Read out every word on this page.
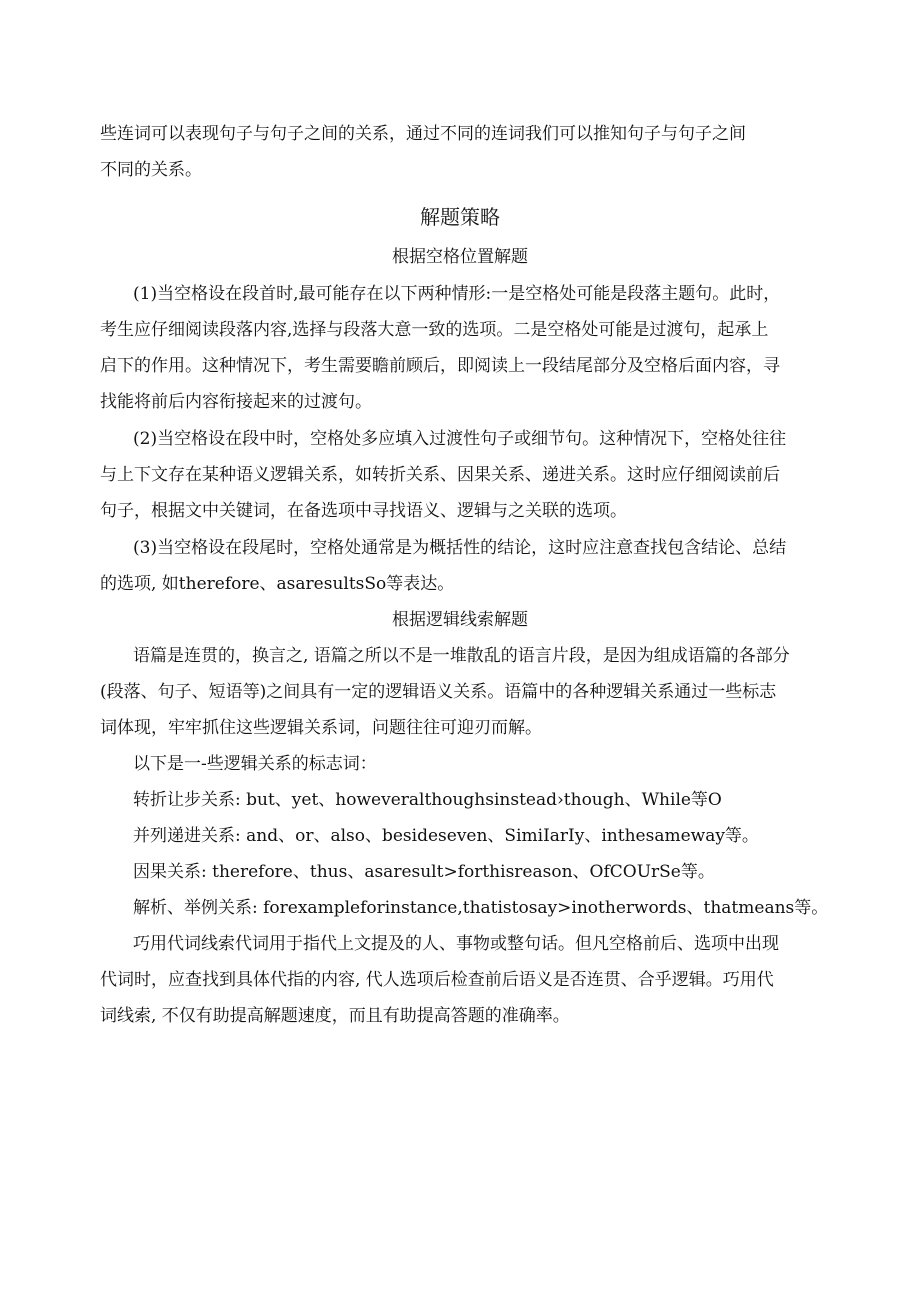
些连词可以表现句子与句子之间的关系，通过不同的连词我们可以推知句子与句子之间
不同的关系。
解题策略
根据空格位置解题
(1)当空格设在段首时,最可能存在以下两种情形:一是空格处可能是段落主题句。此时，
考生应仔细阅读段落内容,选择与段落大意一致的选项。二是空格处可能是过渡句，起承上
启下的作用。这种情况下，考生需要瞻前顾后，即阅读上一段结尾部分及空格后面内容，寻
找能将前后内容衔接起来的过渡句。
(2)当空格设在段中时，空格处多应填入过渡性句子或细节句。这种情况下，空格处往往
与上下文存在某种语义逻辑关系，如转折关系、因果关系、递进关系。这时应仔细阅读前后
句子，根据文中关键词，在备选项中寻找语义、逻辑与之关联的选项。
(3)当空格设在段尾时，空格处通常是为概括性的结论，这时应注意查找包含结论、总结
的选项, 如therefore、asaresultsSo等表达。
根据逻辑线索解题
语篇是连贯的，换言之, 语篇之所以不是一堆散乱的语言片段，是因为组成语篇的各部分
(段落、句子、短语等)之间具有一定的逻辑语义关系。语篇中的各种逻辑关系通过一些标志
词体现，牢牢抓住这些逻辑关系词，问题往往可迎刃而解。
以下是一-些逻辑关系的标志词：
转折让步关系: but、yet、howeveralthoughsinstead›though、While等O
并列递进关系: and、or、also、besideseven、SimiIarIy、inthesameway等。
因果关系: therefore、thus、asaresult>forthisreason、OfCOUrSe等。
解析、举例关系: forexampleforinstance,thatistosay>inotherwords、thatmeans等。
巧用代词线索代词用于指代上文提及的人、事物或整句话。但凡空格前后、选项中出现
代词时，应查找到具体代指的内容, 代人选项后检查前后语义是否连贯、合乎逻辑。巧用代
词线索, 不仅有助提高解题速度，而且有助提高答题的准确率。
